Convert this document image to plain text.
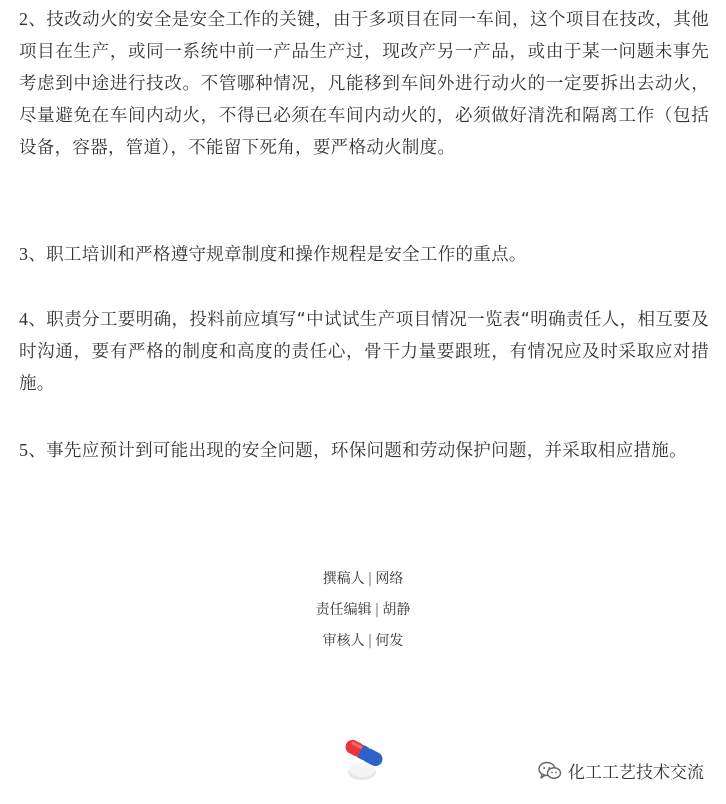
2、技改动火的安全是安全工作的关键，由于多项目在同一车间，这个项目在技改，其他项目在生产，或同一系统中前一产品生产过，现改产另一产品，或由于某一问题未事先考虑到中途进行技改。不管哪种情况，凡能移到车间外进行动火的一定要拆出去动火，尽量避免在车间内动火，不得已必须在车间内动火的，必须做好清洗和隔离工作（包括设备，容器，管道），不能留下死角，要严格动火制度。

3、职工培训和严格遵守规章制度和操作规程是安全工作的重点。

4、职责分工要明确，投料前应填写“中试试生产项目情况一览表“明确责任人，相互要及时沟通，要有严格的制度和高度的责任心，骨干力量要跟班，有情况应及时采取应对措施。

5、事先应预计到可能出现的安全问题，环保问题和劳动保护问题，并采取相应措施。

撰稿人 | 网络
责任编辑 | 胡静
审核人 | 何发
化工工艺技术交流
